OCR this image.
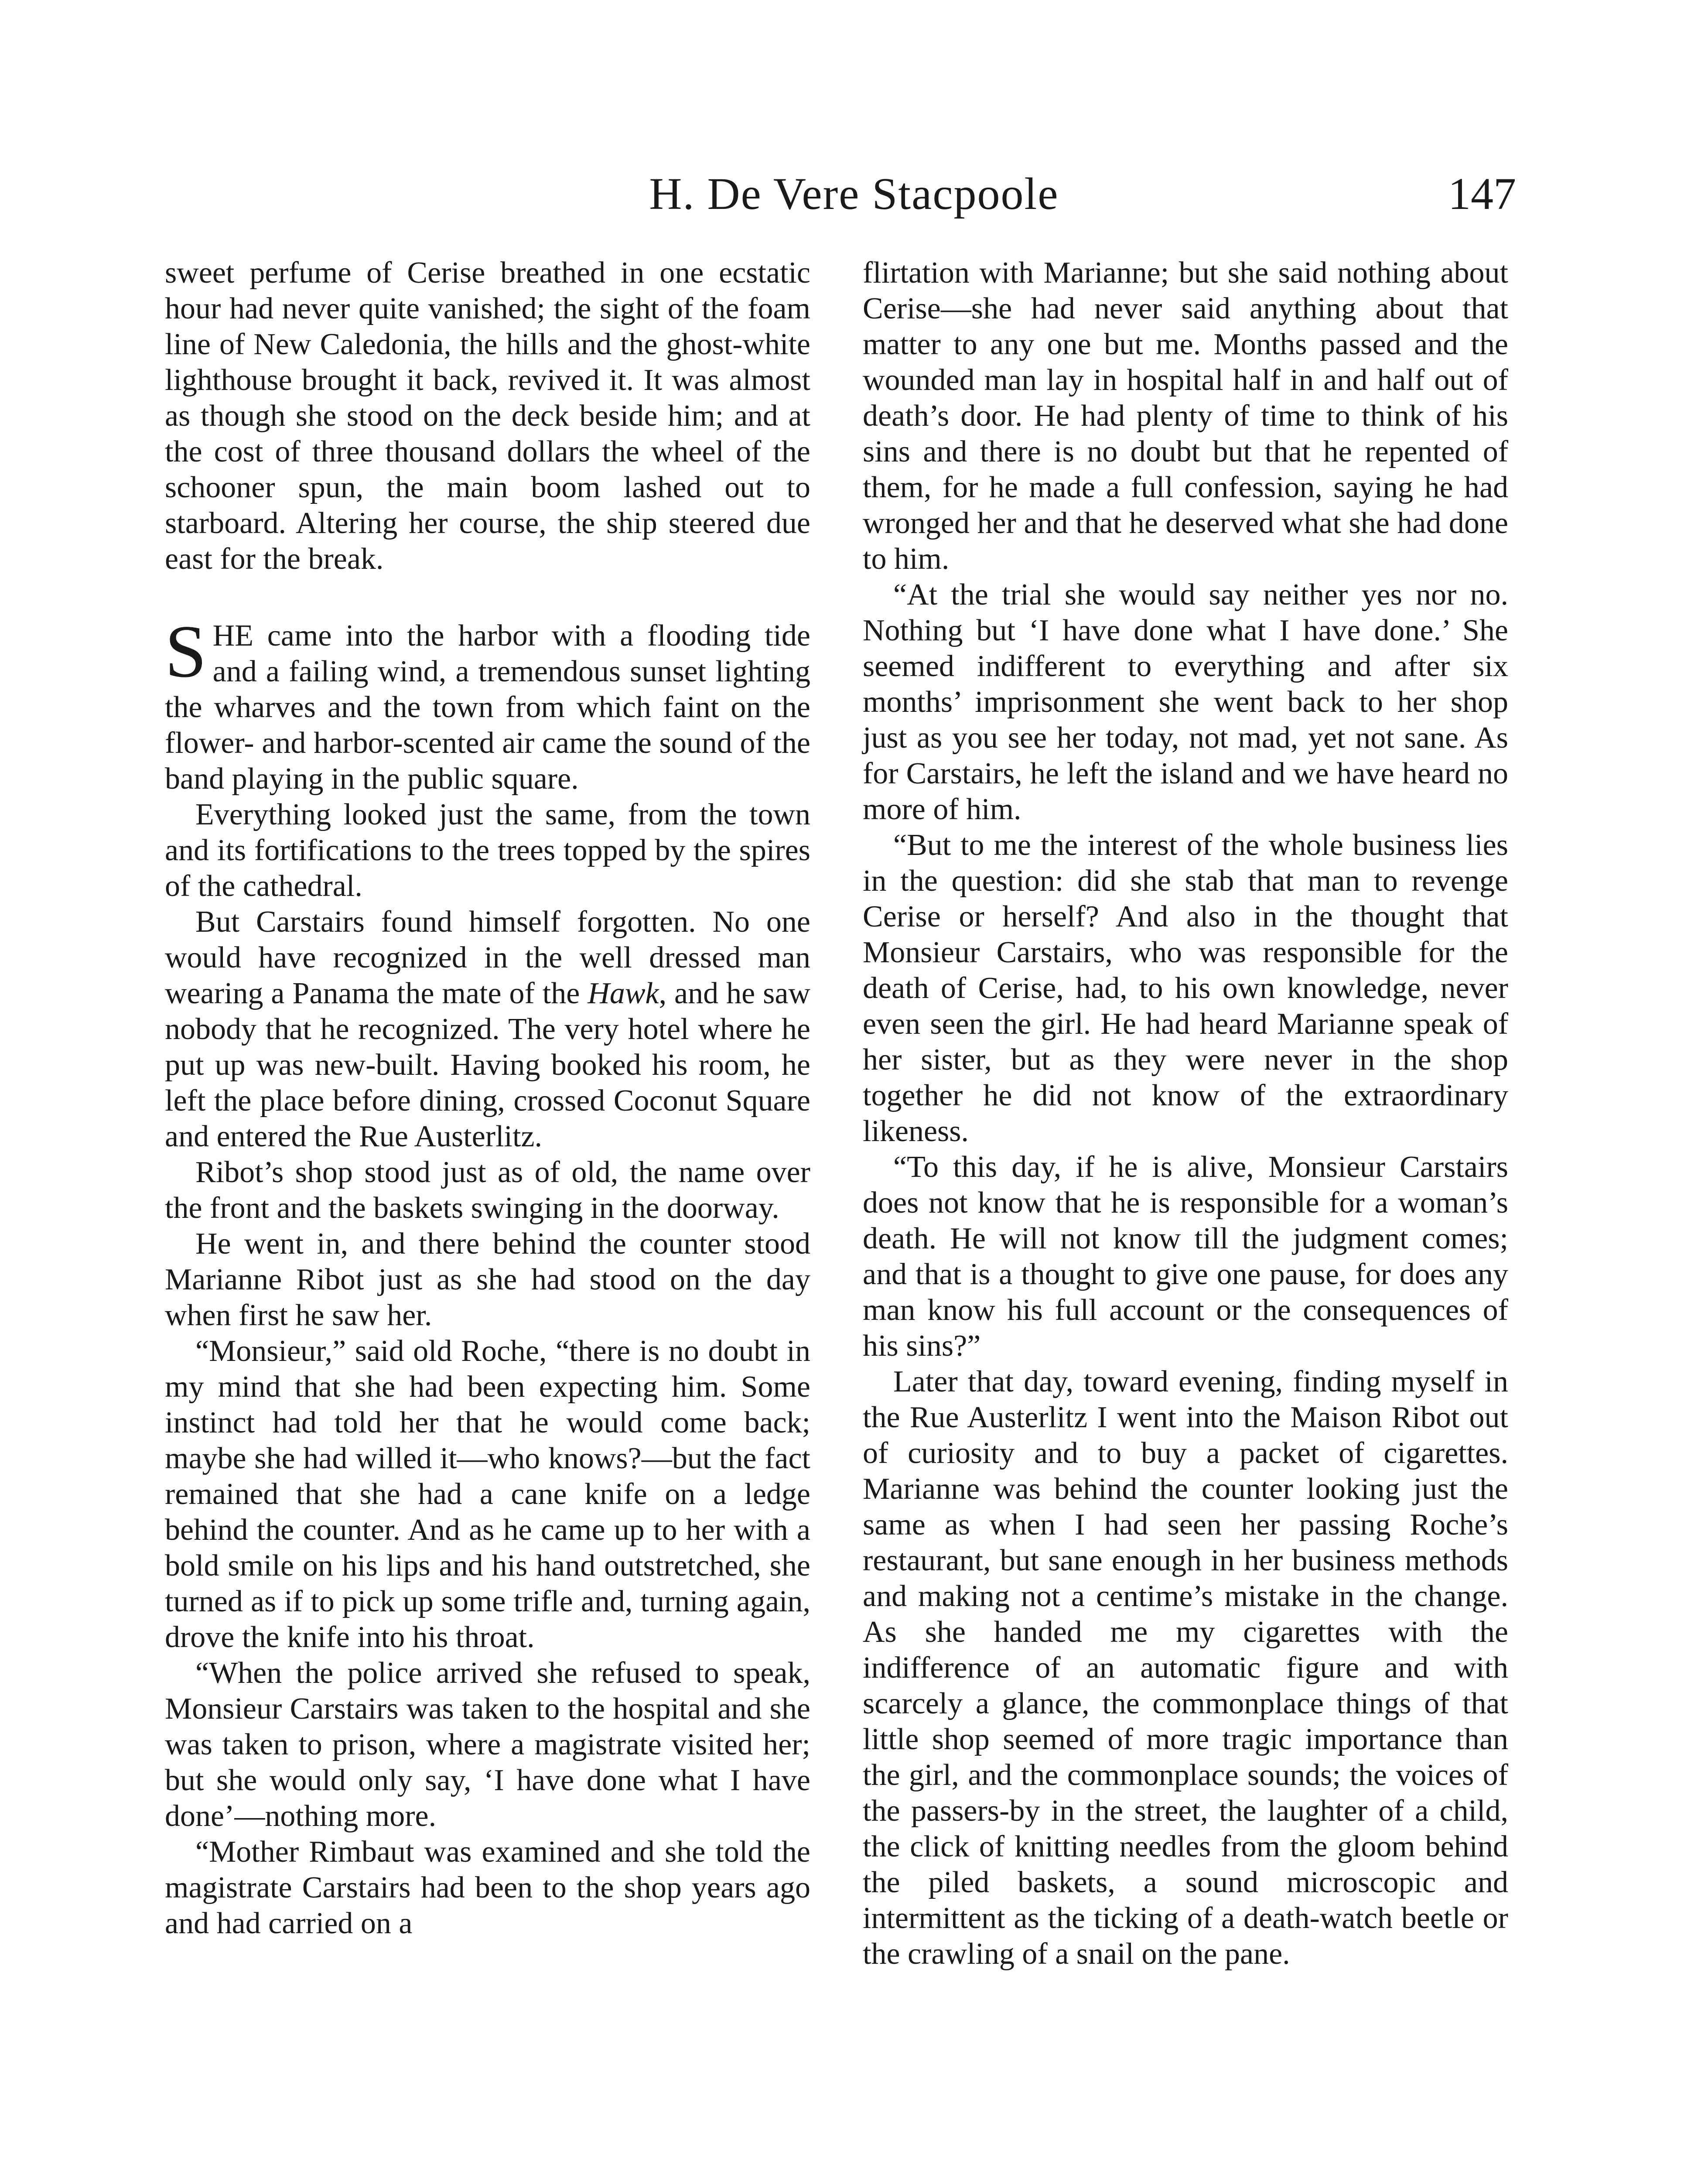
H. De Vere Stacpoole	147

sweet perfume of Cerise breathed in one ecstatic hour had never quite vanished; the sight of the foam line of New Caledonia, the hills and the ghost-white lighthouse brought it back, revived it. It was almost as though she stood on the deck beside him; and at the cost of three thousand dollars the wheel of the schooner spun, the main boom lashed out to starboard. Altering her course, the ship steered due east for the break.

SHE came into the harbor with a flooding tide and a failing wind, a tremendous sunset lighting the wharves and the town from which faint on the flower- and harbor-scented air came the sound of the band playing in the public square.

Everything looked just the same, from the town and its fortifications to the trees topped by the spires of the cathedral.

But Carstairs found himself forgotten. No one would have recognized in the well dressed man wearing a Panama the mate of the Hawk, and he saw nobody that he recognized. The very hotel where he put up was new-built. Having booked his room, he left the place before dining, crossed Coconut Square and entered the Rue Austerlitz.

Ribot’s shop stood just as of old, the name over the front and the baskets swinging in the doorway.

He went in, and there behind the counter stood Marianne Ribot just as she had stood on the day when first he saw her.

“Monsieur,” said old Roche, “there is no doubt in my mind that she had been expecting him. Some instinct had told her that he would come back; maybe she had willed it—who knows?—but the fact remained that she had a cane knife on a ledge behind the counter. And as he came up to her with a bold smile on his lips and his hand outstretched, she turned as if to pick up some trifle and, turning again, drove the knife into his throat.

“When the police arrived she refused to speak, Monsieur Carstairs was taken to the hospital and she was taken to prison, where a magistrate visited her; but she would only say, ‘I have done what I have done’—nothing more.

“Mother Rimbaut was examined and she told the magistrate Carstairs had been to the shop years ago and had carried on a

flirtation with Marianne; but she said nothing about Cerise—she had never said anything about that matter to any one but me. Months passed and the wounded man lay in hospital half in and half out of death’s door. He had plenty of time to think of his sins and there is no doubt but that he repented of them, for he made a full confession, saying he had wronged her and that he deserved what she had done to him.

“At the trial she would say neither yes nor no. Nothing but ‘I have done what I have done.’ She seemed indifferent to everything and after six months’ imprisonment she went back to her shop just as you see her today, not mad, yet not sane. As for Carstairs, he left the island and we have heard no more of him.

“But to me the interest of the whole business lies in the question: did she stab that man to revenge Cerise or herself? And also in the thought that Monsieur Carstairs, who was responsible for the death of Cerise, had, to his own knowledge, never even seen the girl. He had heard Marianne speak of her sister, but as they were never in the shop together he did not know of the extraordinary likeness.

“To this day, if he is alive, Monsieur Carstairs does not know that he is responsible for a woman’s death. He will not know till the judgment comes; and that is a thought to give one pause, for does any man know his full account or the consequences of his sins?”

Later that day, toward evening, finding myself in the Rue Austerlitz I went into the Maison Ribot out of curiosity and to buy a packet of cigarettes. Marianne was behind the counter looking just the same as when I had seen her passing Roche’s restaurant, but sane enough in her business methods and making not a centime’s mistake in the change. As she handed me my cigarettes with the indifference of an automatic figure and with scarcely a glance, the commonplace things of that little shop seemed of more tragic importance than the girl, and the commonplace sounds; the voices of the passers-by in the street, the laughter of a child, the click of knitting needles from the gloom behind the piled baskets, a sound microscopic and intermittent as the ticking of a death-watch beetle or the crawling of a snail on the pane.
